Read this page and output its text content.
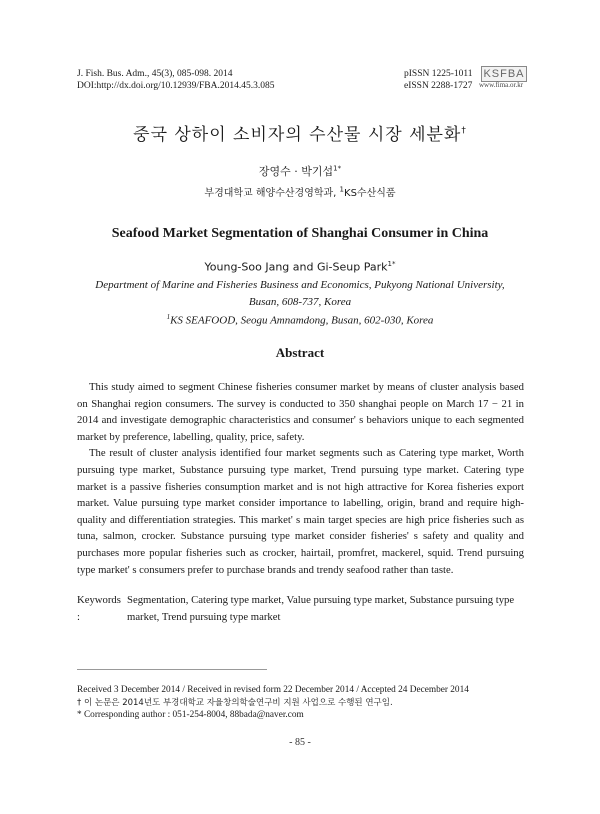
J. Fish. Bus. Adm., 45(3), 085-098. 2014
DOI:http://dx.doi.org/10.12939/FBA.2014.45.3.085
pISSN 1225-1011
eISSN 2288-1727
KSFBA
www.fima.or.kr
중국 상하이 소비자의 수산물 시장 세분화†
장영수 · 박기섭$^{1*}$
부경대학교 해양수산경영학과, $^1$KS수산식품
Seafood Market Segmentation of Shanghai Consumer in China
Young-Soo Jang and Gi-Seup Park$^{1*}$
Department of Marine and Fisheries Business and Economics, Pukyong National University,
Busan, 608-737, Korea
$^1$KS SEAFOOD, Seogu Amnamdong, Busan, 602-030, Korea
Abstract

This study aimed to segment Chinese fisheries consumer market by means of cluster analysis based on Shanghai region consumers. The survey is conducted to 350 shanghai people on March 17 − 21 in 2014 and investigate demographic characteristics and consumer' s behaviors unique to each segmented market by preference, labelling, quality, price, safety.

The result of cluster analysis identified four market segments such as Catering type market, Worth pursuing type market, Substance pursuing type market, Trend pursuing type market. Catering type market is a passive fisheries consumption market and is not high attractive for Korea fisheries export market. Value pursuing type market consider importance to labelling, origin, brand and require high-quality and differentiation strategies. This market' s main target species are high price fisheries such as tuna, salmon, crocker. Substance pursuing type market consider fisheries' s safety and quality and purchases more popular fisheries such as crocker, hairtail, promfret, mackerel, squid. Trend pursuing type market' s consumers prefer to purchase brands and trendy seafood rather than taste.

Keywords :
Segmentation, Catering type market, Value pursuing type market, Substance pursuing type market, Trend pursuing type market
Received 3 December 2014 / Received in revised form 22 December 2014 / Accepted 24 December 2014
† 이 논문은 2014년도 부경대학교 자율창의학술연구비 지원 사업으로 수행된 연구임.
* Corresponding author : 051-254-8004, 88bada@naver.com
- 85 -
